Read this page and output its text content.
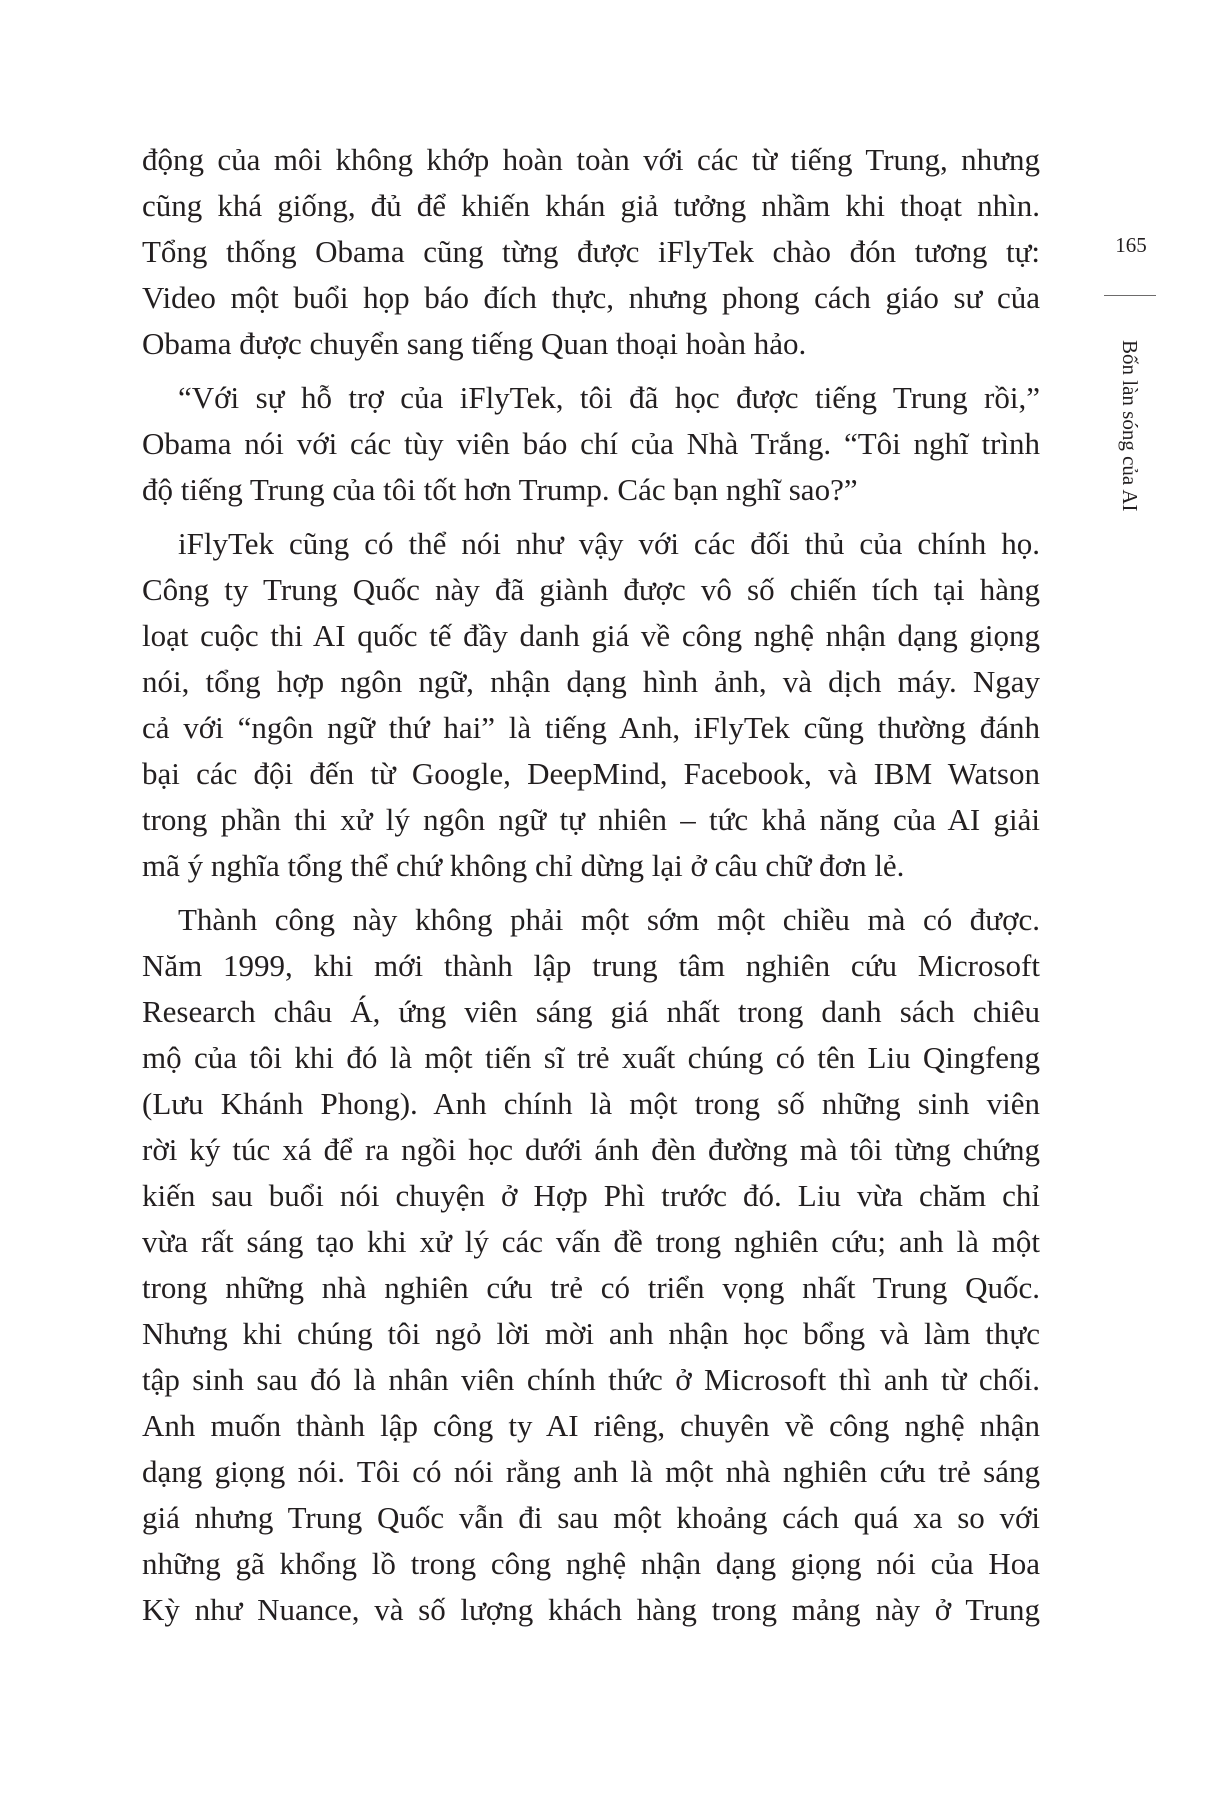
động của môi không khớp hoàn toàn với các từ tiếng Trung, nhưng
cũng khá giống, đủ để khiến khán giả tưởng nhầm khi thoạt nhìn.
Tổng thống Obama cũng từng được iFlyTek chào đón tương tự:
Video một buổi họp báo đích thực, nhưng phong cách giáo sư của
Obama được chuyển sang tiếng Quan thoại hoàn hảo.

“Với sự hỗ trợ của iFlyTek, tôi đã học được tiếng Trung rồi,”
Obama nói với các tùy viên báo chí của Nhà Trắng. “Tôi nghĩ trình
độ tiếng Trung của tôi tốt hơn Trump. Các bạn nghĩ sao?”

iFlyTek cũng có thể nói như vậy với các đối thủ của chính họ.
Công ty Trung Quốc này đã giành được vô số chiến tích tại hàng
loạt cuộc thi AI quốc tế đầy danh giá về công nghệ nhận dạng giọng
nói, tổng hợp ngôn ngữ, nhận dạng hình ảnh, và dịch máy. Ngay
cả với “ngôn ngữ thứ hai” là tiếng Anh, iFlyTek cũng thường đánh
bại các đội đến từ Google, DeepMind, Facebook, và IBM Watson
trong phần thi xử lý ngôn ngữ tự nhiên – tức khả năng của AI giải
mã ý nghĩa tổng thể chứ không chỉ dừng lại ở câu chữ đơn lẻ.

Thành công này không phải một sớm một chiều mà có được.
Năm 1999, khi mới thành lập trung tâm nghiên cứu Microsoft
Research châu Á, ứng viên sáng giá nhất trong danh sách chiêu
mộ của tôi khi đó là một tiến sĩ trẻ xuất chúng có tên Liu Qingfeng
(Lưu Khánh Phong). Anh chính là một trong số những sinh viên
rời ký túc xá để ra ngồi học dưới ánh đèn đường mà tôi từng chứng
kiến sau buổi nói chuyện ở Hợp Phì trước đó. Liu vừa chăm chỉ
vừa rất sáng tạo khi xử lý các vấn đề trong nghiên cứu; anh là một
trong những nhà nghiên cứu trẻ có triển vọng nhất Trung Quốc.
Nhưng khi chúng tôi ngỏ lời mời anh nhận học bổng và làm thực
tập sinh sau đó là nhân viên chính thức ở Microsoft thì anh từ chối.
Anh muốn thành lập công ty AI riêng, chuyên về công nghệ nhận
dạng giọng nói. Tôi có nói rằng anh là một nhà nghiên cứu trẻ sáng
giá nhưng Trung Quốc vẫn đi sau một khoảng cách quá xa so với
những gã khổng lồ trong công nghệ nhận dạng giọng nói của Hoa
Kỳ như Nuance, và số lượng khách hàng trong mảng này ở Trung

165
Bốn làn sóng của AI
